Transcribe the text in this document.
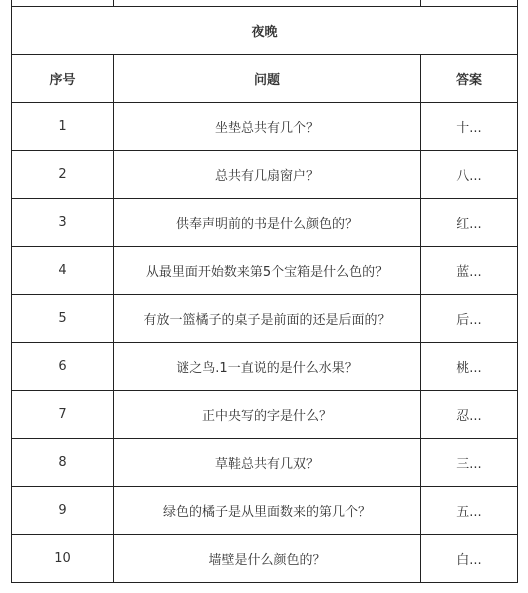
夜晚		
序号	问题	答案
1	坐垫总共有几个？	十...
2	总共有几扇窗户？	八...
3	供奉声明前的书是什么颜色的？	红...
4	从最里面开始数来第5个宝箱是什么色的？	蓝...
5	有放一篮橘子的桌子是前面的还是后面的？	后...
6	谜之鸟.1一直说的是什么水果？	桃...
7	正中央写的字是什么？	忍...
8	草鞋总共有几双？	三...
9	绿色的橘子是从里面数来的第几个？	五...
10	墙壁是什么颜色的？	白...
